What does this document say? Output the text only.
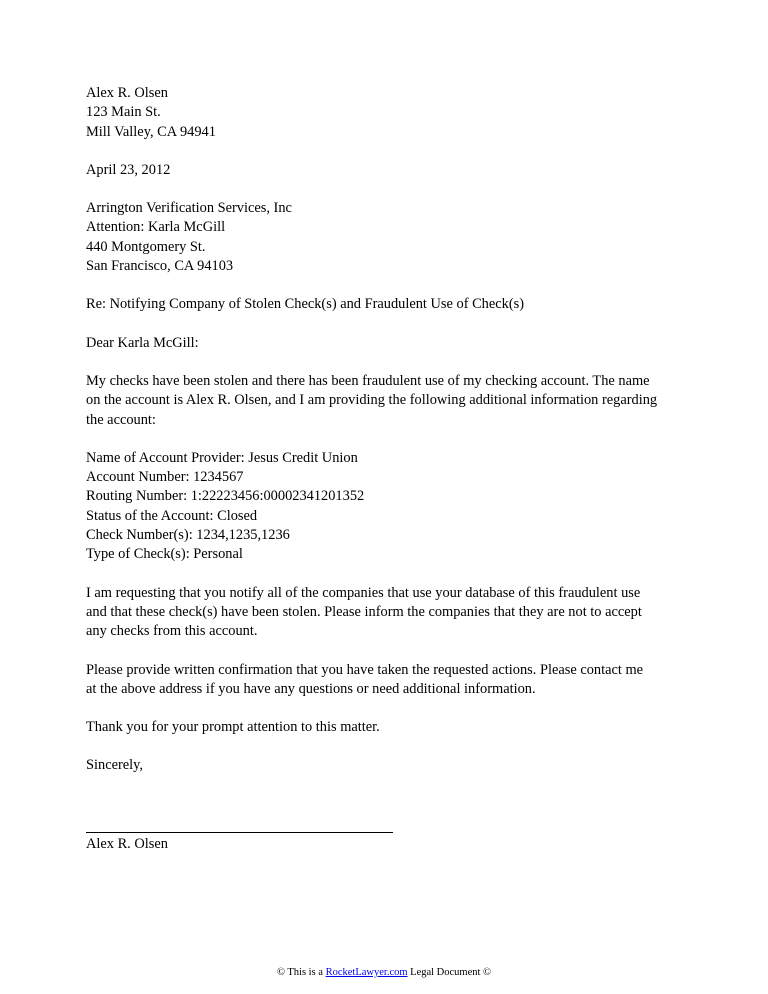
Alex R. Olsen
123 Main St.
Mill Valley, CA 94941
April 23, 2012
Arrington Verification Services, Inc
Attention: Karla McGill
440 Montgomery St.
San Francisco, CA 94103
Re: Notifying Company of Stolen Check(s) and Fraudulent Use of Check(s)
Dear Karla McGill:
My checks have been stolen and there has been fraudulent use of my checking account. The name
on the account is Alex R. Olsen, and I am providing the following additional information regarding
the account:
Name of Account Provider: Jesus Credit Union
Account Number: 1234567
Routing Number: 1:22223456:00002341201352
Status of the Account: Closed
Check Number(s): 1234,1235,1236
Type of Check(s): Personal
I am requesting that you notify all of the companies that use your database of this fraudulent use
and that these check(s) have been stolen. Please inform the companies that they are not to accept
any checks from this account.
Please provide written confirmation that you have taken the requested actions. Please contact me
at the above address if you have any questions or need additional information.
Thank you for your prompt attention to this matter.
Sincerely,
Alex R. Olsen
© This is a RocketLawyer.com Legal Document ©
